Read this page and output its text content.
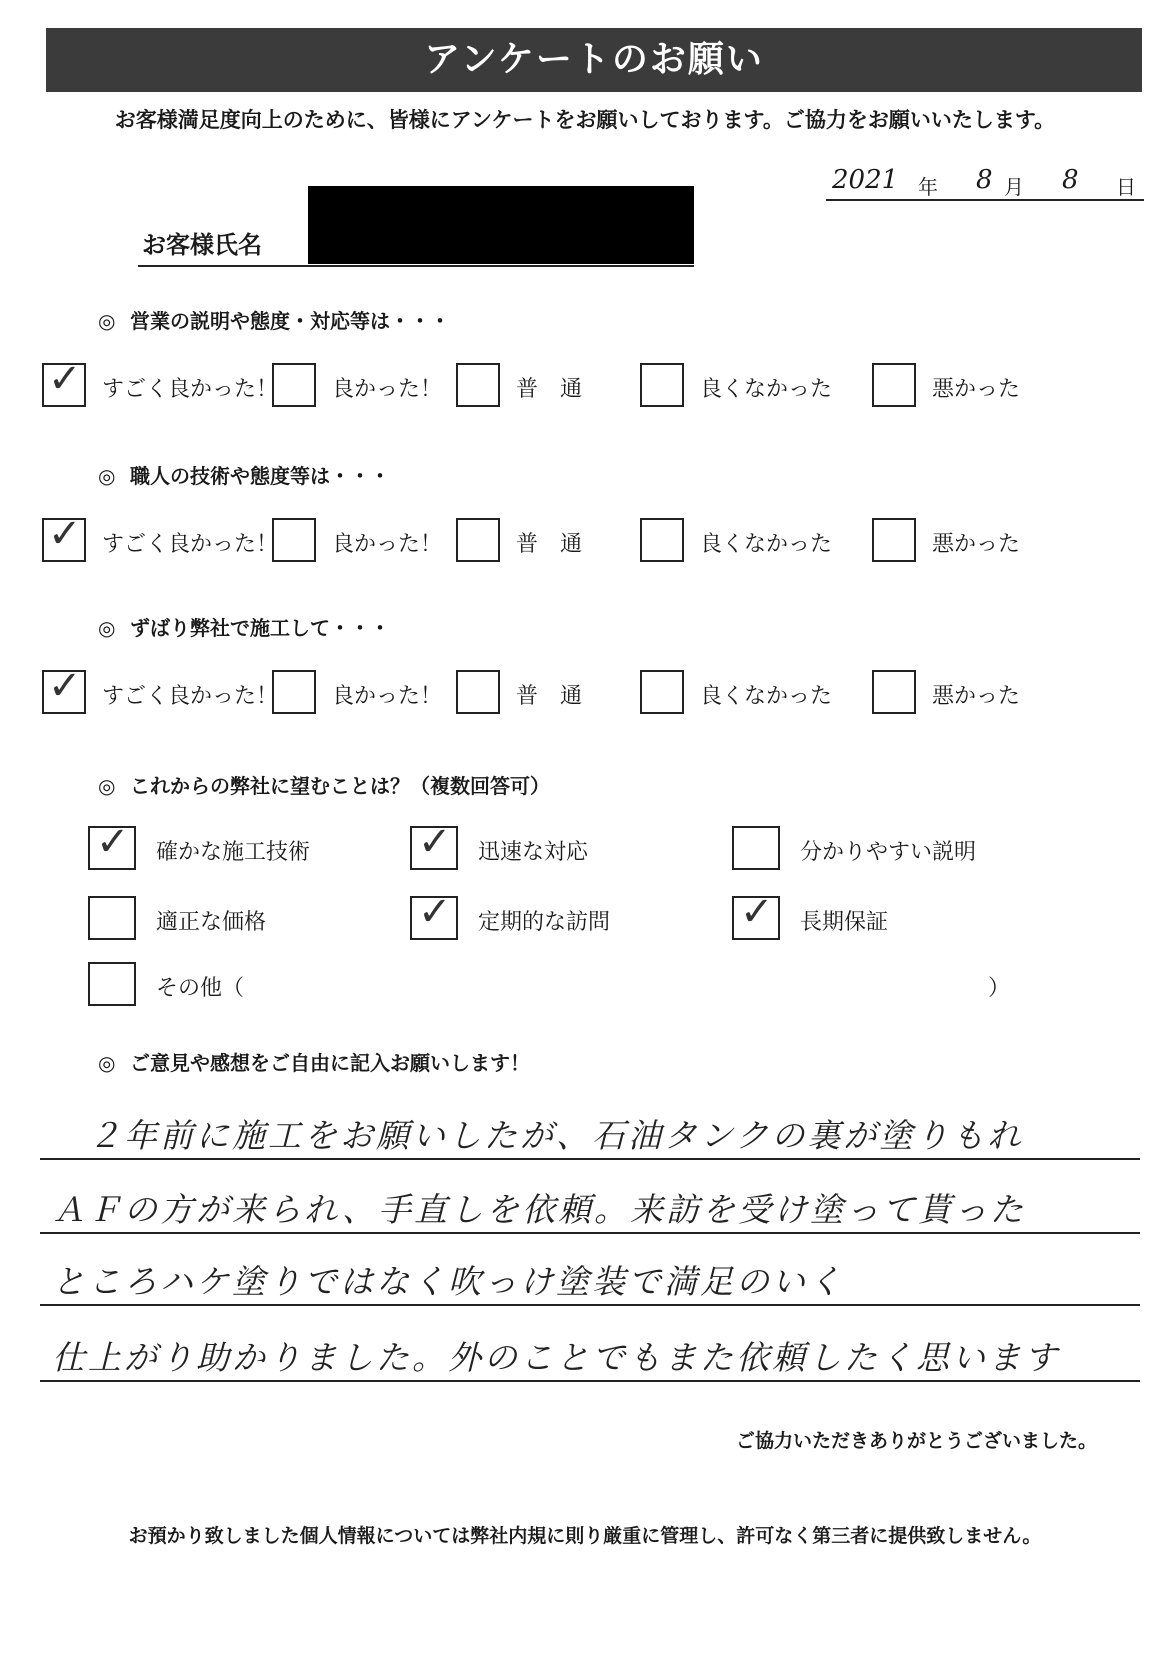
アンケートのお願い
お客様満足度向上のために、皆様にアンケートをお願いしております。ご協力をお願いいたします。
2021 年 8 月 8 日
お客様氏名
◎ 営業の説明や態度・対応等は・・・
✓ すごく良かった！ 良かった！	普　通	良くなかった	悪かった
◎ 職人の技術や態度等は・・・
✓ すごく良かった！ 良かった！	普　通	良くなかった	悪かった
◎ ずばり弊社で施工して・・・
✓ すごく良かった！ 良かった！	普　通	良くなかった	悪かった
◎ これからの弊社に望むことは？（複数回答可）
✓ 確かな施工技術	✓ 迅速な対応	分かりやすい説明
適正な価格	✓ 定期的な訪問	✓ 長期保証
その他（	）
◎ ご意見や感想をご自由に記入お願いします！
２年前に施工をお願いしたが、石油タンクの裏が塗りもれ
ＡＦの方が来られ、手直しを依頼。来訪を受け塗って貰った
ところハケ塗りではなく吹っけ塗装で満足のいく
仕上がり助かりました。外のことでもまた依頼したく思います
ご協力いただきありがとうございました。
お預かり致しました個人情報については弊社内規に則り厳重に管理し、許可なく第三者に提供致しません。
